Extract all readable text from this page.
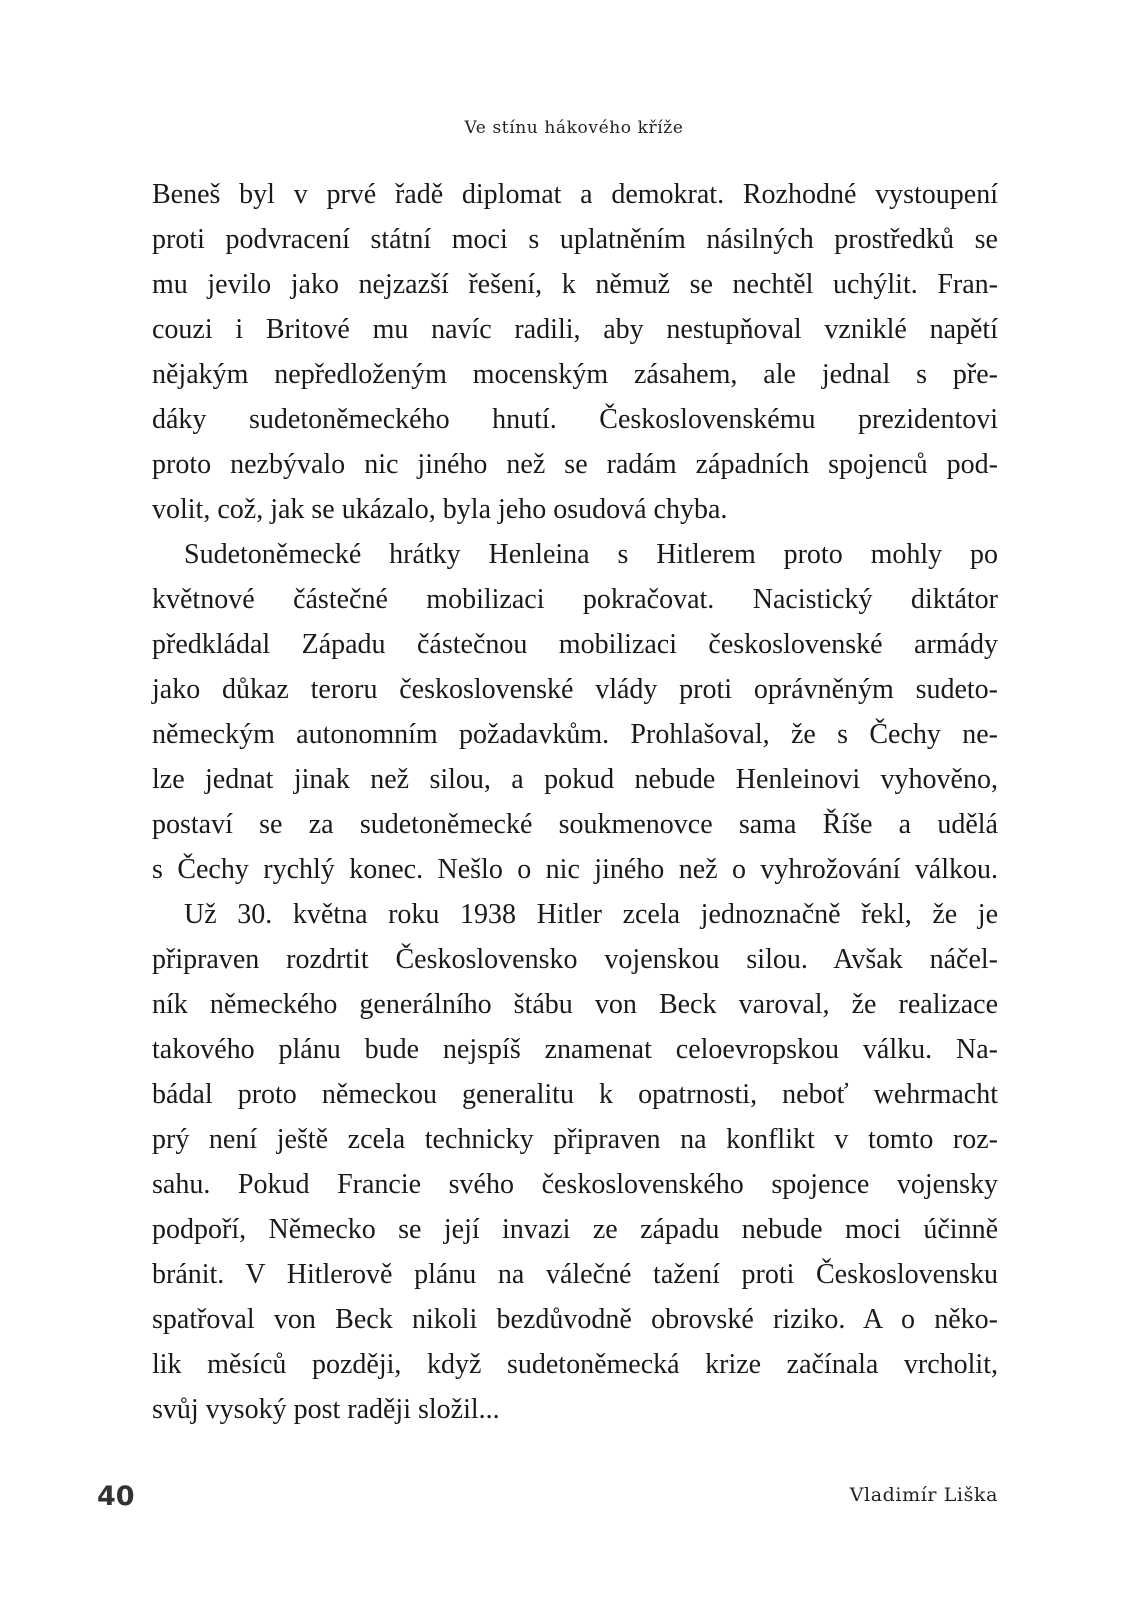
Ve stínu hákového kříže
Beneš byl v prvé řadě diplomat a demokrat. Rozhodné vystoupení
proti podvracení státní moci s uplatněním násilných prostředků se
mu jevilo jako nejzazší řešení, k němuž se nechtěl uchýlit. Fran-
couzi i Britové mu navíc radili, aby nestupňoval vzniklé napětí
nějakým nepředloženým mocenským zásahem, ale jednal s pře-
dáky sudetoněmeckého hnutí. Československému prezidentovi
proto nezbývalo nic jiného než se radám západních spojenců pod-
volit, což, jak se ukázalo, byla jeho osudová chyba.
Sudetoněmecké hrátky Henleina s Hitlerem proto mohly po
květnové částečné mobilizaci pokračovat. Nacistický diktátor
předkládal Západu částečnou mobilizaci československé armády
jako důkaz teroru československé vlády proti oprávněným sudeto-
německým autonomním požadavkům. Prohlašoval, že s Čechy ne-
lze jednat jinak než silou, a pokud nebude Henleinovi vyhověno,
postaví se za sudetoněmecké soukmenovce sama Říše a udělá
s Čechy rychlý konec. Nešlo o nic jiného než o vyhrožování válkou.
Už 30. května roku 1938 Hitler zcela jednoznačně řekl, že je
připraven rozdrtit Československo vojenskou silou. Avšak náčel-
ník německého generálního štábu von Beck varoval, že realizace
takového plánu bude nejspíš znamenat celoevropskou válku. Na-
bádal proto německou generalitu k opatrnosti, neboť wehrmacht
prý není ještě zcela technicky připraven na konflikt v tomto roz-
sahu. Pokud Francie svého československého spojence vojensky
podpoří, Německo se její invazi ze západu nebude moci účinně
bránit. V Hitlerově plánu na válečné tažení proti Československu
spatřoval von Beck nikoli bezdůvodně obrovské riziko. A o něko-
lik měsíců později, když sudetoněmecká krize začínala vrcholit,
svůj vysoký post raději složil...
40	Vladimír Liška
